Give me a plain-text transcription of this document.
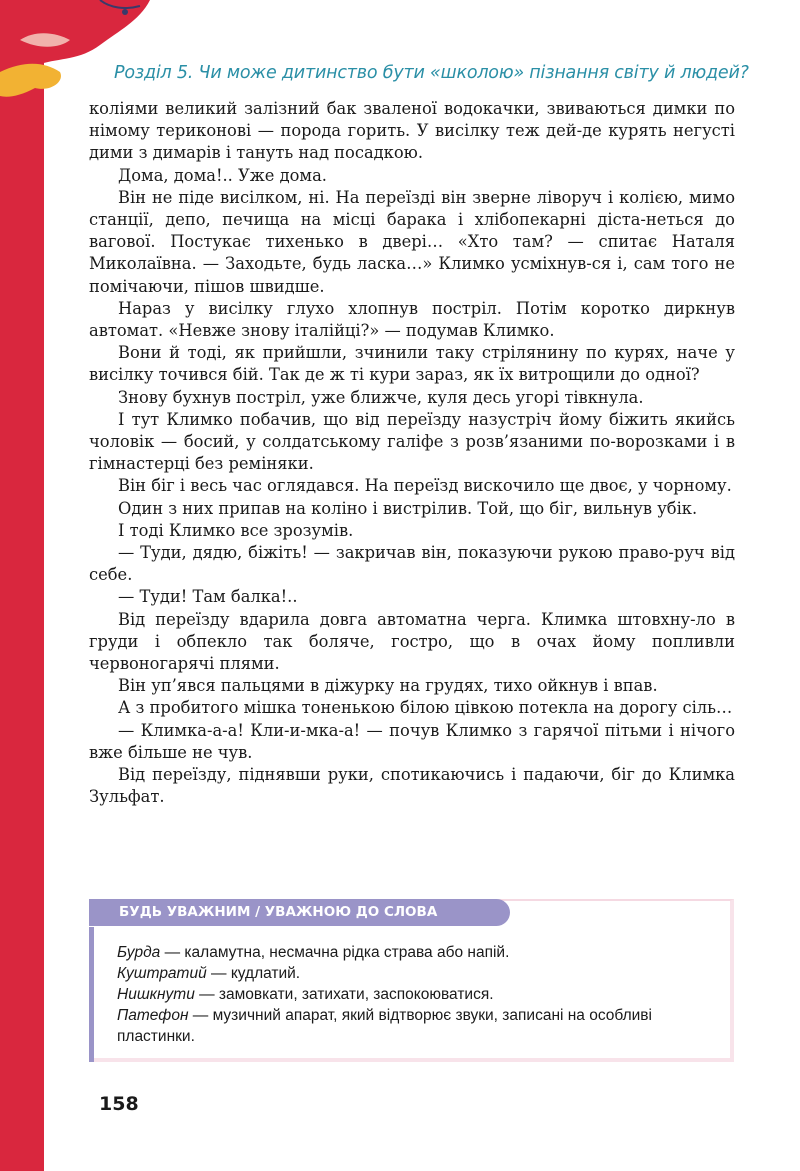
Розділ 5. Чи може дитинство бути «школою» пізнання світу й людей?

коліями великий залізний бак зваленої водокачки, звиваються димки по німому териконові — порода горить. У висілку теж дей-де курять негусті дими з димарів і тануть над посадкою.

Дома, дома!.. Уже дома.

Він не піде висілком, ні. На переїзді він зверне ліворуч і колією, мимо станції, депо, печища на місці барака і хлібопекарні діста-неться до вагової. Постукає тихенько в двері… «Хто там? — спитає Наталя Миколаївна. — Заходьте, будь ласка…» Климко усміхнув-ся і, сам того не помічаючи, пішов швидше.

Нараз у висілку глухо хлопнув постріл. Потім коротко диркнув автомат. «Невже знову італійці?» — подумав Климко.

Вони й тоді, як прийшли, зчинили таку стрілянину по курях, наче у висілку точився бій. Так де ж ті кури зараз, як їх витрощили до одної?

Знову бухнув постріл, уже ближче, куля десь угорі тівкнула.

І тут Климко побачив, що від переїзду назустріч йому біжить якийсь чоловік — босий, у солдатському галіфе з розв’язаними по-ворозками і в гімнастерці без реміняки.

Він біг і весь час оглядався. На переїзд вискочило ще двоє, у чорному.

Один з них припав на коліно і вистрілив. Той, що біг, вильнув убік.

І тоді Климко все зрозумів.

— Туди, дядю, біжіть! — закричав він, показуючи рукою право-руч від себе.

— Туди! Там балка!..

Від переїзду вдарила довга автоматна черга. Климка штовхну-ло в груди і обпекло так боляче, гостро, що в очах йому попливли червоногарячі плями.

Він уп’явся пальцями в діжурку на грудях, тихо ойкнув і впав.

А з пробитого мішка тоненькою білою цівкою потекла на дорогу сіль…

— Климка-а-а! Кли-и-мка-а! — почув Климко з гарячої пітьми і нічого вже більше не чув.

Від переїзду, піднявши руки, спотикаючись і падаючи, біг до Климка Зульфат.

БУДЬ УВАЖНИМ / УВАЖНОЮ ДО СЛОВА
Бурда — каламутна, несмачна рідка страва або напій.
Куштратий — кудлатий.
Нишкнути — замовкати, затихати, заспокоюватися.
Патефон — музичний апарат, який відтворює звуки, записані на особливі пластинки.
158
